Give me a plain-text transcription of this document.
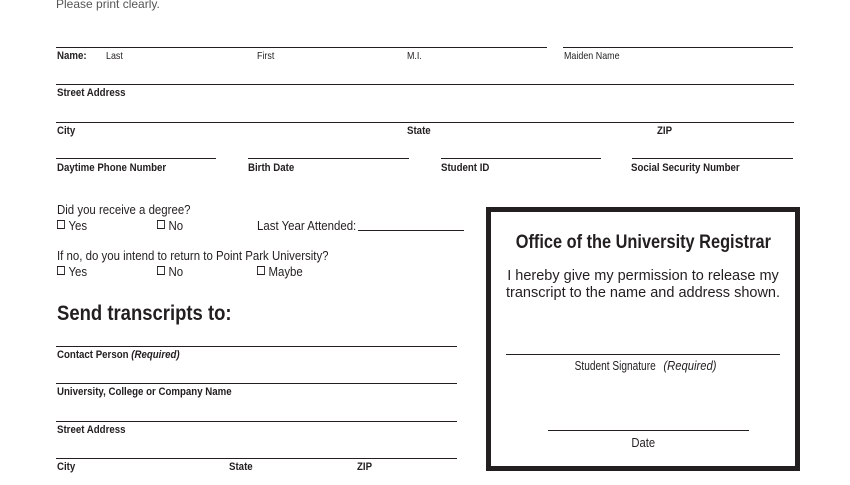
Please print clearly.
Name: Last	First	M.I.	Maiden Name
Street Address
City	State	ZIP
Daytime Phone Number	Birth Date	Student ID	Social Security Number
Did you receive a degree?
Yes	No	Last Year Attended:
If no, do you intend to return to Point Park University?
Yes	No	Maybe
Send transcripts to:
Contact Person (Required)
University, College or Company Name
Street Address
City	State	ZIP
Office of the University Registrar
I hereby give my permission to release my transcript to the name and address shown.
Student Signature (Required)
Date
